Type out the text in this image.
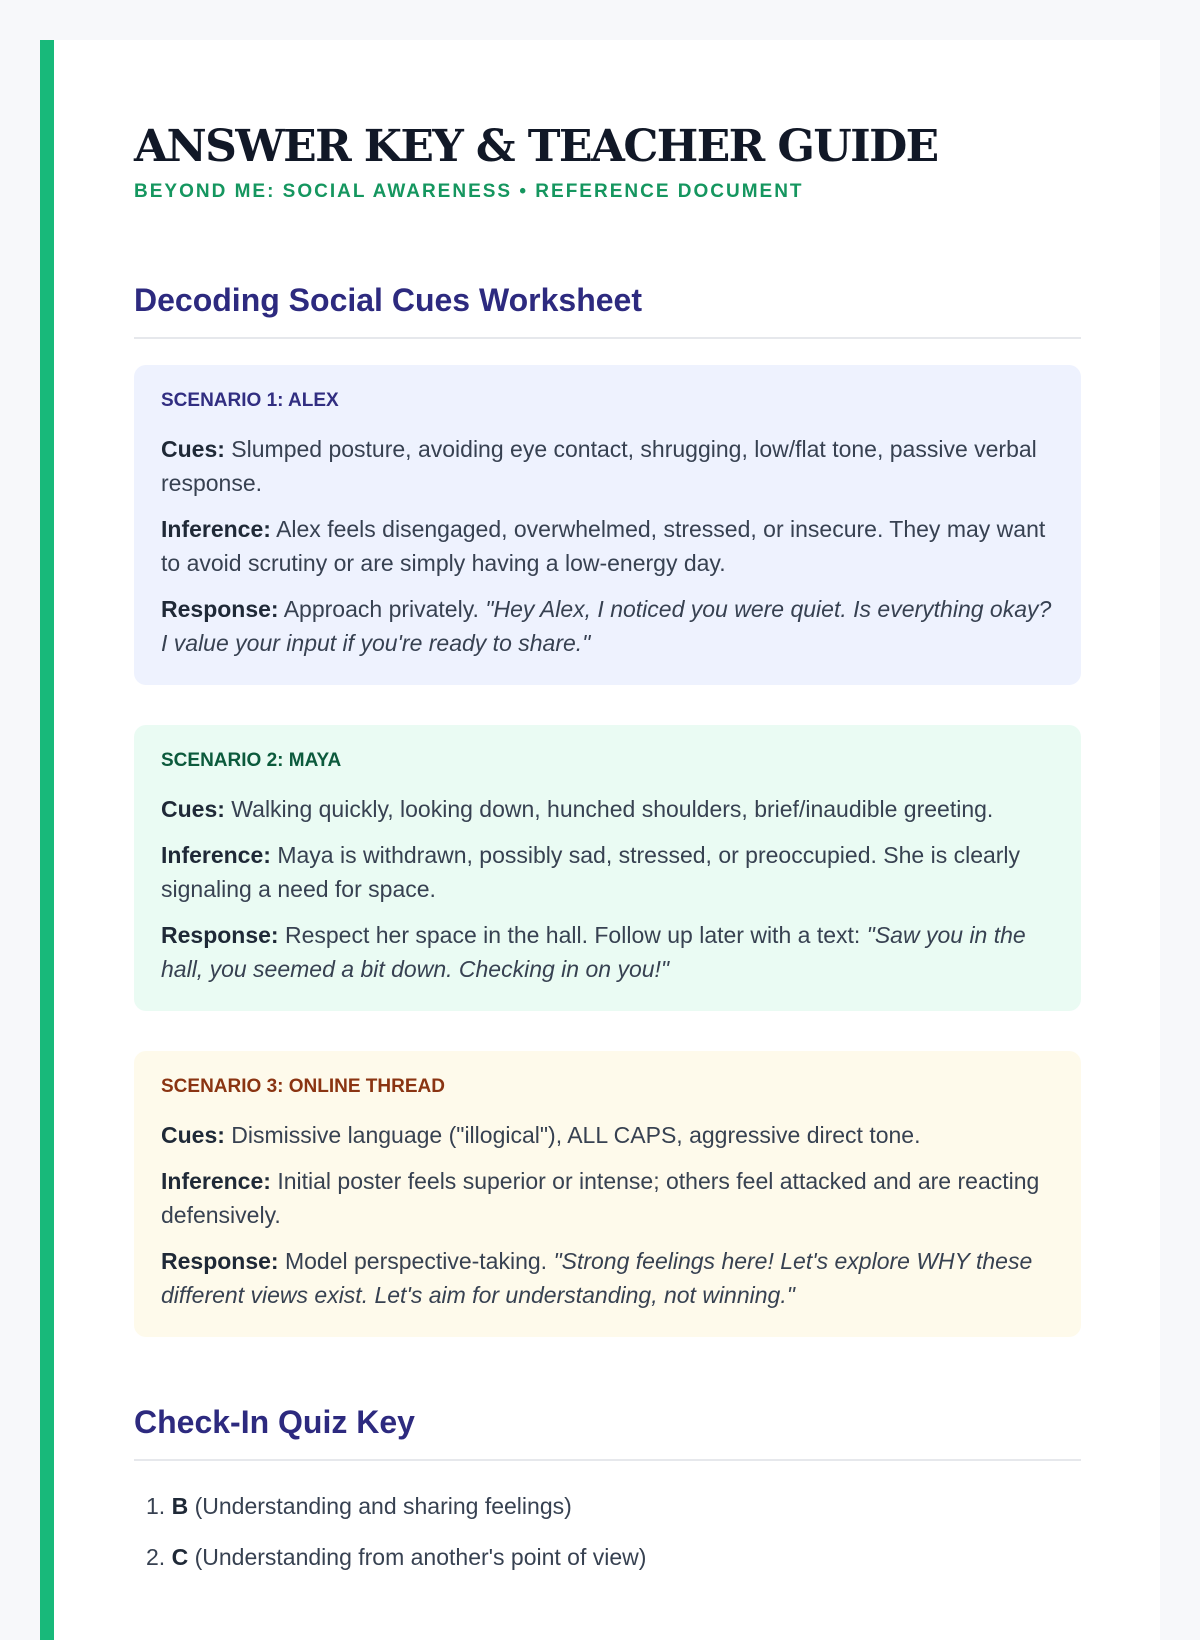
ANSWER KEY & TEACHER GUIDE
BEYOND ME: SOCIAL AWARENESS • REFERENCE DOCUMENT
Decoding Social Cues Worksheet
SCENARIO 1: ALEX
Cues: Slumped posture, avoiding eye contact, shrugging, low/flat tone, passive verbal response.
Inference: Alex feels disengaged, overwhelmed, stressed, or insecure. They may want to avoid scrutiny or are simply having a low-energy day.
Response: Approach privately. "Hey Alex, I noticed you were quiet. Is everything okay? I value your input if you're ready to share."
SCENARIO 2: MAYA
Cues: Walking quickly, looking down, hunched shoulders, brief/inaudible greeting.
Inference: Maya is withdrawn, possibly sad, stressed, or preoccupied. She is clearly signaling a need for space.
Response: Respect her space in the hall. Follow up later with a text: "Saw you in the hall, you seemed a bit down. Checking in on you!"
SCENARIO 3: ONLINE THREAD
Cues: Dismissive language ("illogical"), ALL CAPS, aggressive direct tone.
Inference: Initial poster feels superior or intense; others feel attacked and are reacting defensively.
Response: Model perspective-taking. "Strong feelings here! Let's explore WHY these different views exist. Let's aim for understanding, not winning."
Check-In Quiz Key
1. B (Understanding and sharing feelings)
2. C (Understanding from another's point of view)
